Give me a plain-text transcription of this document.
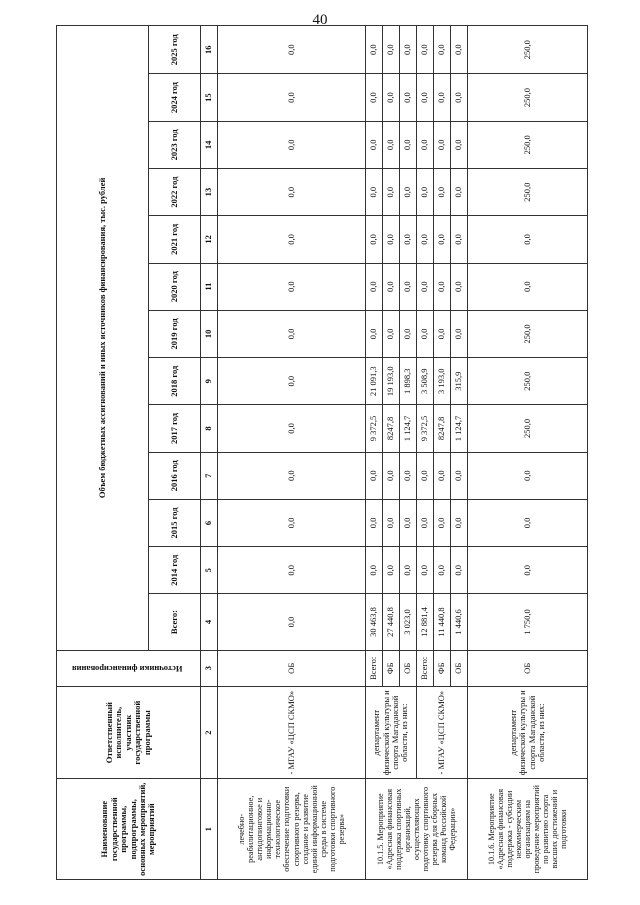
40
Наименование государственной программы, подпрограммы, основных мероприятий, мероприятий	Ответственный исполнитель, участник государственной программы	Источники финансирования	Объем бюджетных ассигнований и иных источников финансирования, тыс. рублей												
			Всего:	2014 год	2015 год	2016 год	2017 год	2018 год	2019 год	2020 год	2021 год	2022 год	2023 год	2024 год	2025 год
1	2	3	4	5	6	7	8	9	10	11	12	13	14	15	16
лечебно-реабилитационное, антидопинговое и информационно-технологическое обеспечение подготовки спортивного резерва, создание и развитие единой информационной среды в системе подготовки спортивного резерва»	- МГАУ «ЦСП СКМО»	ОБ	0,0	0,0	0,0	0,0	0,0	0,0	0,0	0,0	0,0	0,0	0,0	0,0	0,0
10.1.5. Мероприятие «Адресная финансовая поддержка спортивных организаций, осуществляющих подготовку спортивного резерва для сборных команд Российской Федерации»	департамент физической культуры и спорта Магаданской области, из них:	Всего:	30 463,8	0,0	0,0	0,0	9 372,5	21 091,3	0,0	0,0	0,0	0,0	0,0	0,0	0,0
		ФБ	27 440,8	0,0	0,0	0,0	8247,8	19 193,0	0,0	0,0	0,0	0,0	0,0	0,0	0,0
		ОБ	3 023,0	0,0	0,0	0,0	1 124,7	1 898,3	0,0	0,0	0,0	0,0	0,0	0,0	0,0
	- МГАУ «ЦСП СКМО»	Всего:	12 881,4	0,0	0,0	0,0	9 372,5	3 508,9	0,0	0,0	0,0	0,0	0,0	0,0	0,0
		ФБ	11 440,8	0,0	0,0	0,0	8247,8	3 193,0	0,0	0,0	0,0	0,0	0,0	0,0	0,0
		ОБ	1 440,6	0,0	0,0	0,0	1 124,7	315,9	0,0	0,0	0,0	0,0	0,0	0,0	0,0
10.1.6. Мероприятие «Адресная финансовая поддержка - субсидии некоммерческим организациям на проведение мероприятий по развитию спорта высших достижений и подготовки	департамент физической культуры и спорта Магаданской области, из них:	ОБ	1 750,0	0,0	0,0	0,0	250,0	250,0	250,0	0,0	0,0	250,0	250,0	250,0	250,0
